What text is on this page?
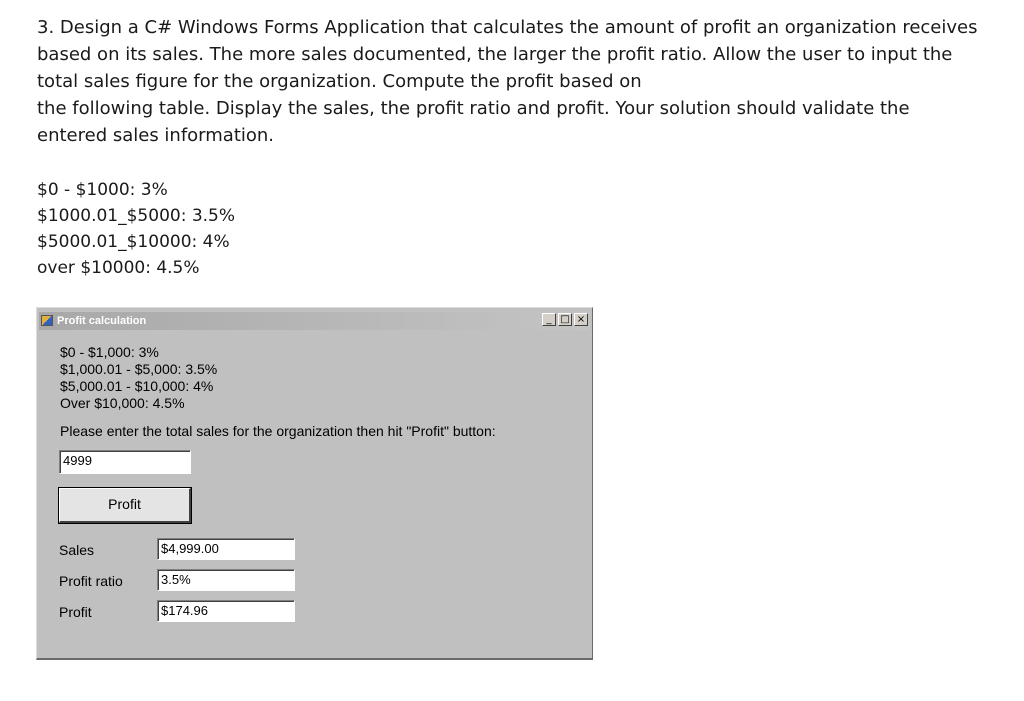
3. Design a C# Windows Forms Application that calculates the amount of profit an organization receives

based on its sales. The more sales documented, the larger the profit ratio. Allow the user to input the

total sales figure for the organization. Compute the profit based on

the following table. Display the sales, the profit ratio and profit. Your solution should validate the

entered sales information.

$0 - $1000: 3%
$1000.01_$5000: 3.5%
$5000.01_$10000: 4%
over $10000: 4.5%
Profit calculation	_ □ ×
$0 - $1,000: 3%
$1,000.01 - $5,000: 3.5%
$5,000.01 - $10,000: 4%
Over $10,000: 4.5%
Please enter the total sales for the organization then hit "Profit" button:
4999
Profit
Sales	$4,999.00
Profit ratio	3.5%
Profit	$174.96
